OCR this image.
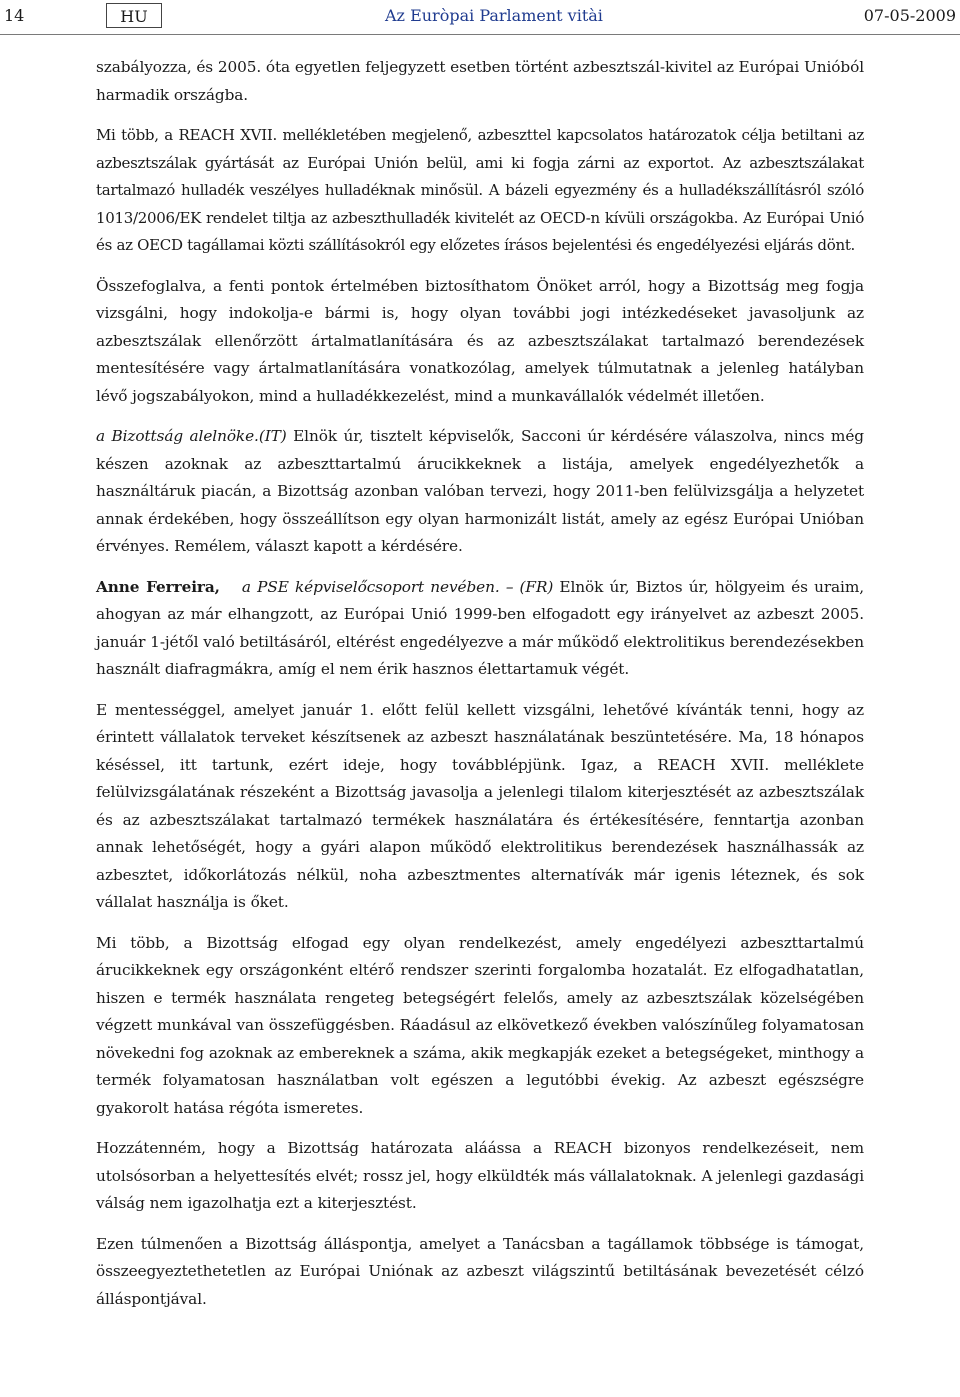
14	HU	Az Euròpai Parlament vitài	07-05-2009

szabályozza, és 2005. óta egyetlen feljegyzett esetben történt azbesztszál-kivitel az Európai Unióból harmadik országba.

Mi több, a REACH XVII. mellékletében megjelenő, azbeszttel kapcsolatos határozatok célja betiltani az azbesztszálak gyártását az Európai Unión belül, ami ki fogja zárni az exportot. Az azbesztszálakat tartalmazó hulladék veszélyes hulladéknak minősül. A bázeli egyezmény és a hulladékszállításról szóló 1013/2006/EK rendelet tiltja az azbeszthulladék kivitelét az OECD-n kívüli országokba. Az Európai Unió és az OECD tagállamai közti szállításokról egy előzetes írásos bejelentési és engedélyezési eljárás dönt.

Összefoglalva, a fenti pontok értelmében biztosíthatom Önöket arról, hogy a Bizottság meg fogja vizsgálni, hogy indokolja-e bármi is, hogy olyan további jogi intézkedéseket javasoljunk az azbesztszálak ellenőrzött ártalmatlanítására és az azbesztszálakat tartalmazó berendezések mentesítésére vagy ártalmatlanítására vonatkozólag, amelyek túlmutatnak a jelenleg hatályban lévő jogszabályokon, mind a hulladékkezelést, mind a munkavállalók védelmét illetően.

a Bizottság alelnöke.(IT) Elnök úr, tisztelt képviselők, Sacconi úr kérdésére válaszolva, nincs még készen azoknak az azbeszttartalmú árucikkeknek a listája, amelyek engedélyezhetők a használtáruk piacán, a Bizottság azonban valóban tervezi, hogy 2011-ben felülvizsgálja a helyzetet annak érdekében, hogy összeállítson egy olyan harmonizált listát, amely az egész Európai Unióban érvényes. Remélem, választ kapott a kérdésére.

Anne Ferreira, a PSE képviselőcsoport nevében. – (FR) Elnök úr, Biztos úr, hölgyeim és uraim, ahogyan az már elhangzott, az Európai Unió 1999-ben elfogadott egy irányelvet az azbeszt 2005. január 1-jétől való betiltásáról, eltérést engedélyezve a már működő elektrolitikus berendezésekben használt diafragmákra, amíg el nem érik hasznos élettartamuk végét.

E mentességgel, amelyet január 1. előtt felül kellett vizsgálni, lehetővé kívánták tenni, hogy az érintett vállalatok terveket készítsenek az azbeszt használatának beszüntetésére. Ma, 18 hónapos késéssel, itt tartunk, ezért ideje, hogy továbblépjünk. Igaz, a REACH XVII. melléklete felülvizsgálatának részeként a Bizottság javasolja a jelenlegi tilalom kiterjesztését az azbesztszálak és az azbesztszálakat tartalmazó termékek használatára és értékesítésére, fenntartja azonban annak lehetőségét, hogy a gyári alapon működő elektrolitikus berendezések használhassák az azbesztet, időkorlátozás nélkül, noha azbesztmentes alternatívák már igenis léteznek, és sok vállalat használja is őket.

Mi több, a Bizottság elfogad egy olyan rendelkezést, amely engedélyezi azbeszttartalmú árucikkeknek egy országonként eltérő rendszer szerinti forgalomba hozatalát. Ez elfogadhatatlan, hiszen e termék használata rengeteg betegségért felelős, amely az azbesztszálak közelségében végzett munkával van összefüggésben. Ráadásul az elkövetkező években valószínűleg folyamatosan növekedni fog azoknak az embereknek a száma, akik megkapják ezeket a betegségeket, minthogy a termék folyamatosan használatban volt egészen a legutóbbi évekig. Az azbeszt egészségre gyakorolt hatása régóta ismeretes.

Hozzátenném, hogy a Bizottság határozata aláássa a REACH bizonyos rendelkezéseit, nem utolsósorban a helyettesítés elvét; rossz jel, hogy elküldték más vállalatoknak. A jelenlegi gazdasági válság nem igazolhatja ezt a kiterjesztést.

Ezen túlmenően a Bizottság álláspontja, amelyet a Tanácsban a tagállamok többsége is támogat, összeegyeztethetetlen az Európai Uniónak az azbeszt világszintű betiltásának bevezetését célzó álláspontjával.
